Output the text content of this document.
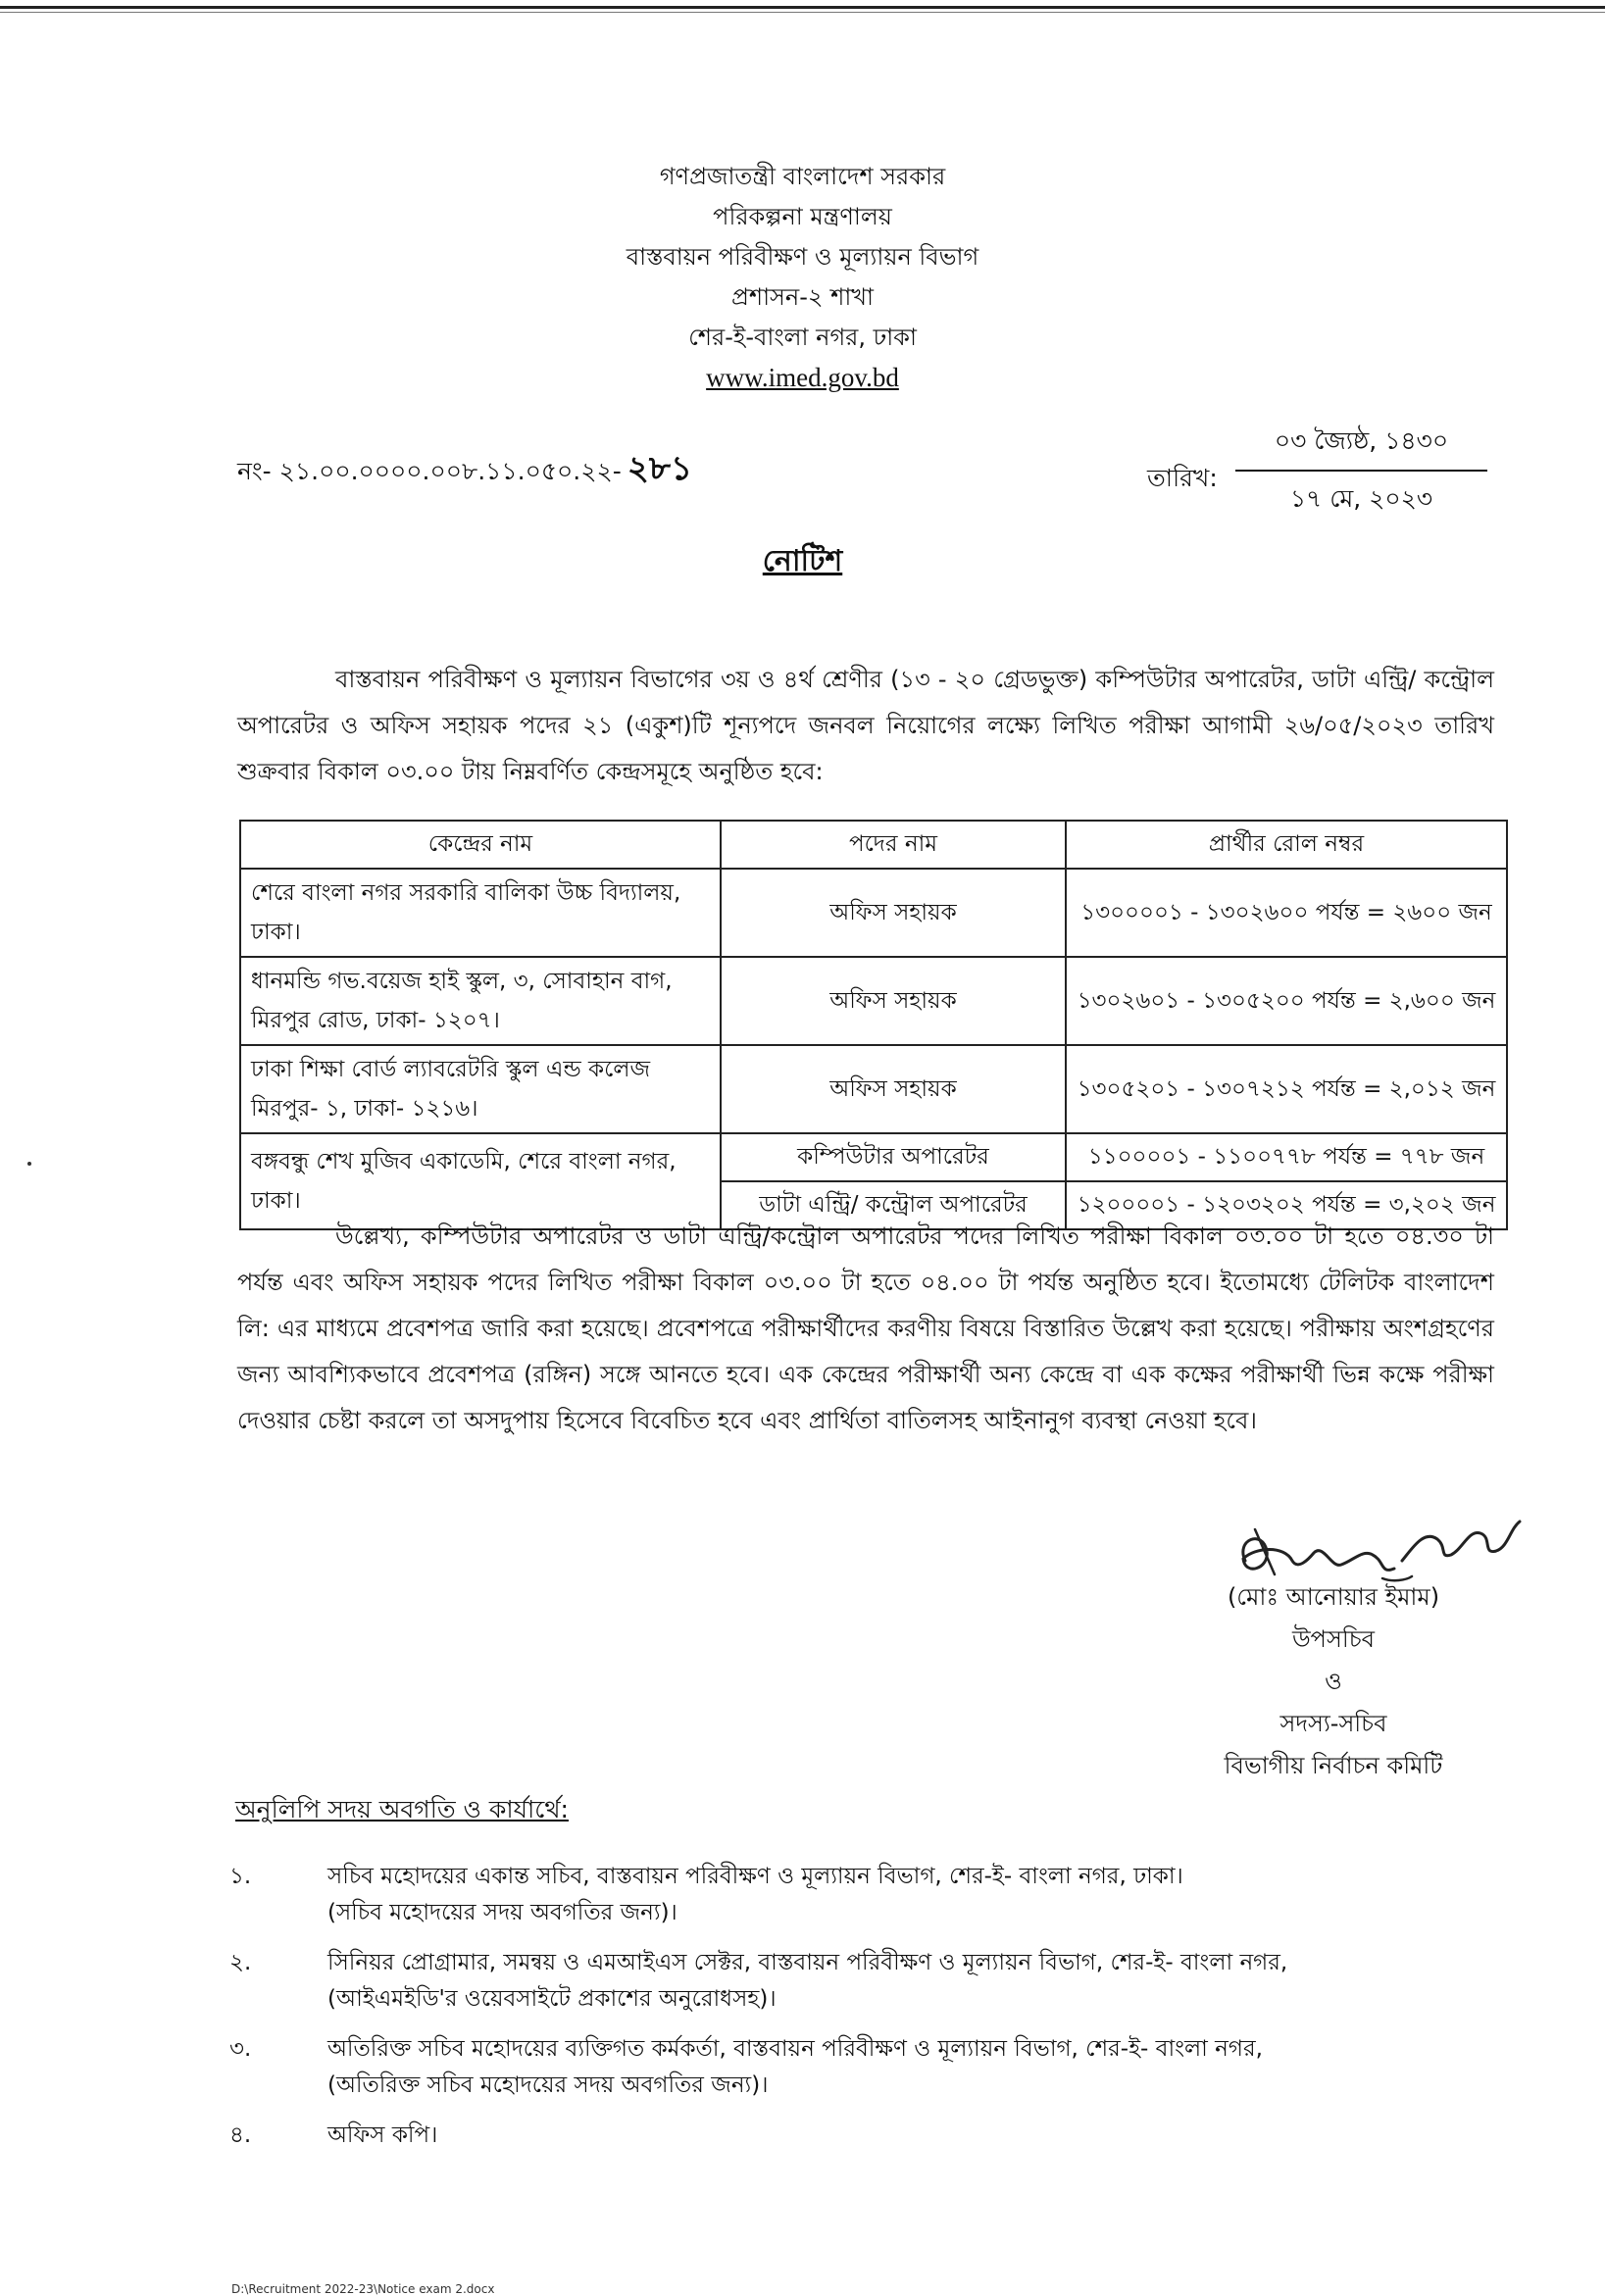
গণপ্রজাতন্ত্রী বাংলাদেশ সরকার
পরিকল্পনা মন্ত্রণালয়
বাস্তবায়ন পরিবীক্ষণ ও মূল্যায়ন বিভাগ
প্রশাসন-২ শাখা
শের-ই-বাংলা নগর, ঢাকা
www.imed.gov.bd
নং- ২১.০০.০০০০.০০৮.১১.০৫০.২২- ২৮১	তারিখ:
০৩ জ্যৈষ্ঠ, ১৪৩০
১৭ মে, ২০২৩
নোটিশ
বাস্তবায়ন পরিবীক্ষণ ও মূল্যায়ন বিভাগের ৩য় ও ৪র্থ শ্রেণীর (১৩ - ২০ গ্রেডভুক্ত) কম্পিউটার অপারেটর, ডাটা এন্ট্রি/ কন্ট্রোল অপারেটর ও অফিস সহায়ক পদের ২১ (একুশ)টি শূন্যপদে জনবল নিয়োগের লক্ষ্যে লিখিত পরীক্ষা আগামী ২৬/০৫/২০২৩ তারিখ শুক্রবার বিকাল ০৩.০০ টায় নিম্নবর্ণিত কেন্দ্রসমূহে অনুষ্ঠিত হবে:
কেন্দ্রের নাম	পদের নাম	প্রার্থীর রোল নম্বর
শেরে বাংলা নগর সরকারি বালিকা উচ্চ বিদ্যালয়, ঢাকা।	অফিস সহায়ক	১৩০০০০১ - ১৩০২৬০০ পর্যন্ত = ২৬০০ জন
ধানমন্ডি গভ.বয়েজ হাই স্কুল, ৩, সোবাহান বাগ, মিরপুর রোড, ঢাকা- ১২০৭।	অফিস সহায়ক	১৩০২৬০১ - ১৩০৫২০০ পর্যন্ত = ২,৬০০ জন
ঢাকা শিক্ষা বোর্ড ল্যাবরেটরি স্কুল এন্ড কলেজ মিরপুর- ১, ঢাকা- ১২১৬।	অফিস সহায়ক	১৩০৫২০১ - ১৩০৭২১২ পর্যন্ত = ২,০১২ জন
বঙ্গবন্ধু শেখ মুজিব একাডেমি, শেরে বাংলা নগর, ঢাকা।	কম্পিউটার অপারেটর	১১০০০০১ - ১১০০৭৭৮ পর্যন্ত = ৭৭৮ জন
	ডাটা এন্ট্রি/ কন্ট্রোল অপারেটর	১২০০০০১ - ১২০৩২০২ পর্যন্ত = ৩,২০২ জন
উল্লেখ্য, কম্পিউটার অপারেটর ও ডাটা এন্ট্রি/কন্ট্রোল অপারেটর পদের লিখিত পরীক্ষা বিকাল ০৩.০০ টা হতে ০৪.৩০ টা পর্যন্ত এবং অফিস সহায়ক পদের লিখিত পরীক্ষা বিকাল ০৩.০০ টা হতে ০৪.০০ টা পর্যন্ত অনুষ্ঠিত হবে। ইতোমধ্যে টেলিটক বাংলাদেশ লি: এর মাধ্যমে প্রবেশপত্র জারি করা হয়েছে। প্রবেশপত্রে পরীক্ষার্থীদের করণীয় বিষয়ে বিস্তারিত উল্লেখ করা হয়েছে। পরীক্ষায় অংশগ্রহণের জন্য আবশ্যিকভাবে প্রবেশপত্র (রঙ্গিন) সঙ্গে আনতে হবে। এক কেন্দ্রের পরীক্ষার্থী অন্য কেন্দ্রে বা এক কক্ষের পরীক্ষার্থী ভিন্ন কক্ষে পরীক্ষা দেওয়ার চেষ্টা করলে তা অসদুপায় হিসেবে বিবেচিত হবে এবং প্রার্থিতা বাতিলসহ আইনানুগ ব্যবস্থা নেওয়া হবে।
(মোঃ আনোয়ার ইমাম)
উপসচিব
ও
সদস্য-সচিব
বিভাগীয় নির্বাচন কমিটি
অনুলিপি সদয় অবগতি ও কার্যার্থে:
১.	সচিব মহোদয়ের একান্ত সচিব, বাস্তবায়ন পরিবীক্ষণ ও মূল্যায়ন বিভাগ, শের-ই- বাংলা নগর, ঢাকা।
(সচিব মহোদয়ের সদয় অবগতির জন্য)।
২.	সিনিয়র প্রোগ্রামার, সমন্বয় ও এমআইএস সেক্টর, বাস্তবায়ন পরিবীক্ষণ ও মূল্যায়ন বিভাগ, শের-ই- বাংলা নগর,
(আইএমইডি'র ওয়েবসাইটে প্রকাশের অনুরোধসহ)।
৩.	অতিরিক্ত সচিব মহোদয়ের ব্যক্তিগত কর্মকর্তা, বাস্তবায়ন পরিবীক্ষণ ও মূল্যায়ন বিভাগ, শের-ই- বাংলা নগর,
(অতিরিক্ত সচিব মহোদয়ের সদয় অবগতির জন্য)।
৪.	অফিস কপি।
D:\Recruitment 2022-23\Notice exam 2.docx
